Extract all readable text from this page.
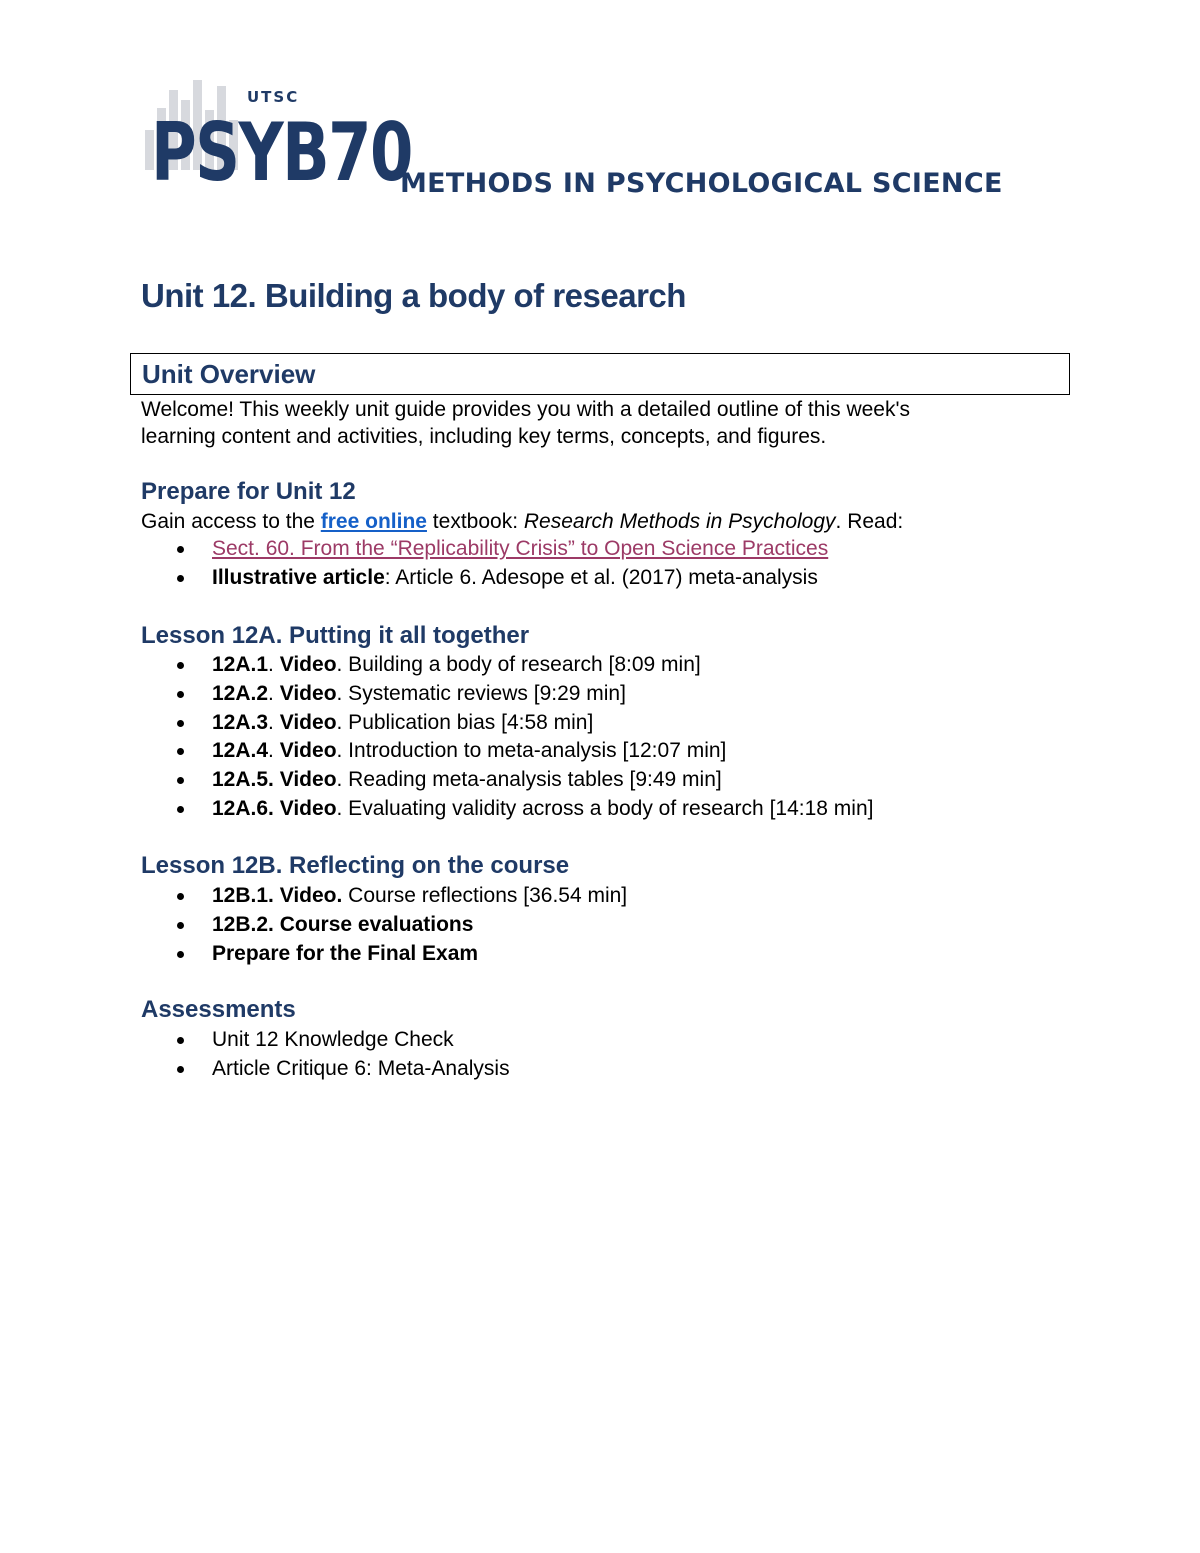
UTSC
PSYB70
METHODS IN PSYCHOLOGICAL SCIENCE
Unit 12. Building a body of research
Unit Overview
Welcome! This weekly unit guide provides you with a detailed outline of this week's
learning content and activities, including key terms, concepts, and figures.
Prepare for Unit 12
Gain access to the free online textbook: Research Methods in Psychology. Read:
Sect. 60. From the “Replicability Crisis” to Open Science Practices
Illustrative article: Article 6. Adesope et al. (2017) meta-analysis
Lesson 12A. Putting it all together
12A.1. Video. Building a body of research [8:09 min]
12A.2. Video. Systematic reviews [9:29 min]
12A.3. Video. Publication bias [4:58 min]
12A.4. Video. Introduction to meta-analysis [12:07 min]
12A.5. Video. Reading meta-analysis tables [9:49 min]
12A.6. Video. Evaluating validity across a body of research [14:18 min]
Lesson 12B. Reflecting on the course
12B.1. Video. Course reflections [36.54 min]
12B.2. Course evaluations
Prepare for the Final Exam
Assessments
Unit 12 Knowledge Check
Article Critique 6: Meta-Analysis
